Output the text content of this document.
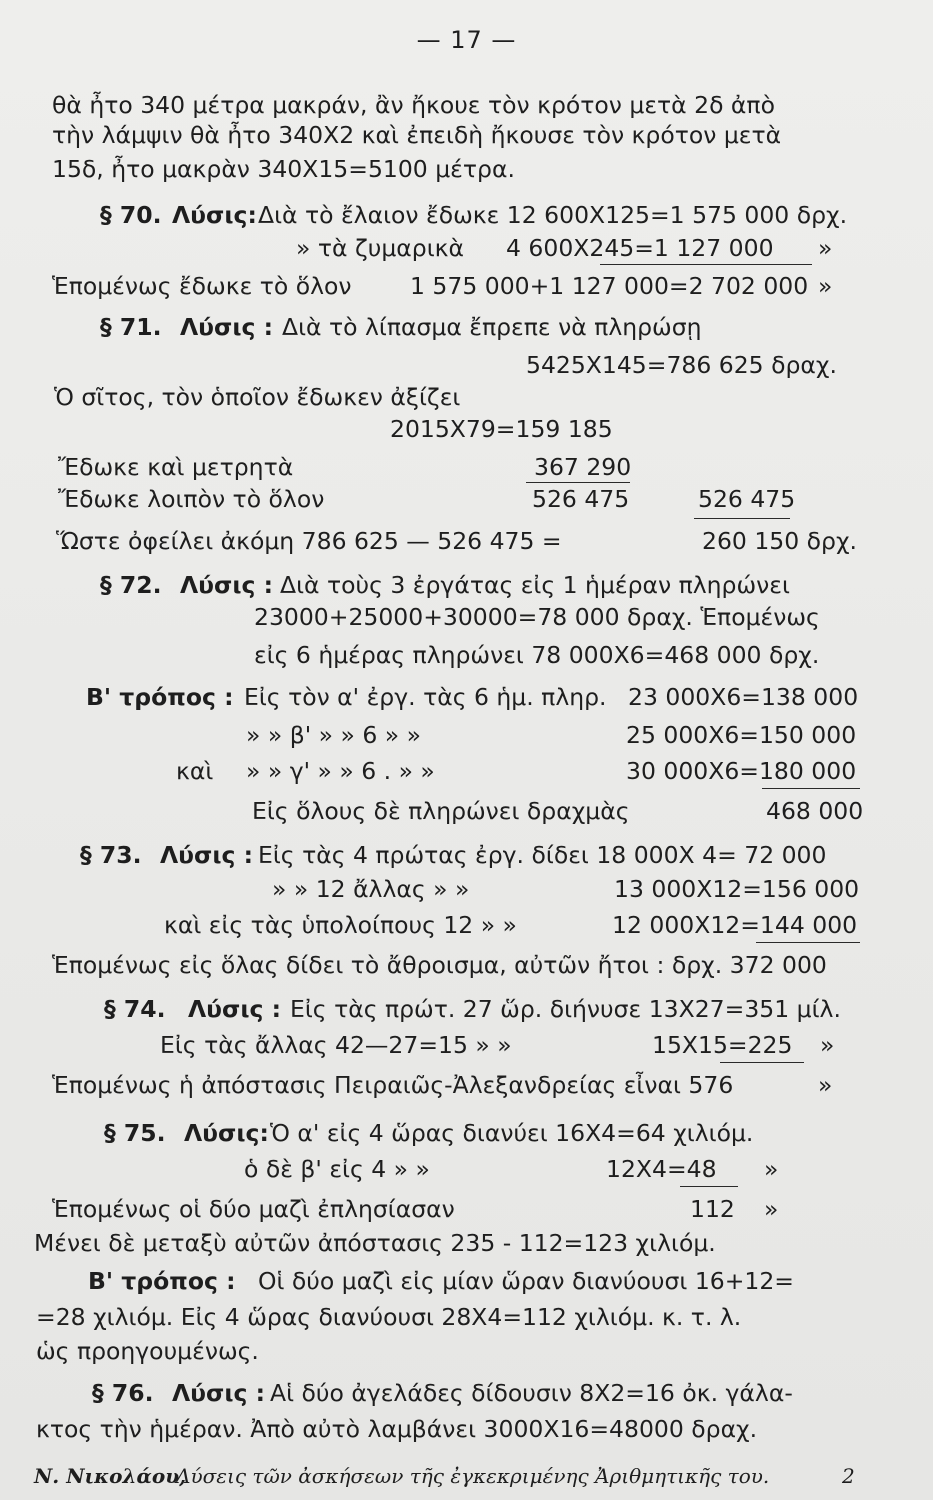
— 17 —
θὰ ἦτο 340 μέτρα μακράν, ἂν ἤκουε τὸν κρότον μετὰ 2δ ἀπὸ
τὴν λάμψιν θὰ ἦτο 340X2 καὶ ἐπειδὴ ἤκουσε τὸν κρότον μετὰ
15δ, ἦτο μακρὰν 340X15=5100 μέτρα.
§ 70. Λύσις: Διὰ τὸ ἔλαιον ἔδωκε 12 600X125=1 575 000 δρχ.
» τὰ ζυμαρικὰ 4 600X245=1 127 000 »
Ἑπομένως ἔδωκε τὸ ὅλον 1 575 000+1 127 000=2 702 000 »
§ 71. Λύσις : Διὰ τὸ λίπασμα ἔπρεπε νὰ πληρώσῃ
5425X145=786 625 δραχ.
Ὁ σῖτος, τὸν ὁποῖον ἔδωκεν ἀξίζει
2015X79=159 185
Ἔδωκε καὶ μετρητὰ	367 290
Ἔδωκε λοιπὸν τὸ ὅλον	526 475	526 475
Ὥστε ὀφείλει ἀκόμη 786 625 — 526 475 =	260 150 δρχ.
§ 72. Λύσις : Διὰ τοὺς 3 ἐργάτας εἰς 1 ἡμέραν πληρώνει
23000+25000+30000=78 000 δραχ. Ἑπομένως
εἰς 6 ἡμέρας πληρώνει 78 000X6=468 000 δρχ.
Β' τρόπος : Εἰς τὸν α' ἐργ. τὰς 6 ἡμ. πληρ. 23 000X6=138 000
» » β' » » 6 » »	25 000X6=150 000
καὶ » » γ' » » 6 . » »	30 000X6=180 000
Εἰς ὅλους δὲ πληρώνει δραχμὰς	468 000
§ 73. Λύσις : Εἰς τὰς 4 πρώτας ἐργ. δίδει 18 000X 4= 72 000
» » 12 ἄλλας » »	13 000X12=156 000
καὶ εἰς τὰς ὑπολοίπους 12 » »	12 000X12=144 000
Ἑπομένως εἰς ὅλας δίδει τὸ ἄθροισμα, αὐτῶν ἤτοι : δρχ. 372 000
§ 74. Λύσις : Εἰς τὰς πρώτ. 27 ὥρ. διήνυσε 13X27=351 μίλ.
Εἰς τὰς ἄλλας 42—27=15 » »	15X15=225 »
Ἑπομένως ἡ ἀπόστασις Πειραιῶς-Ἀλεξανδρείας εἶναι 576	»
§ 75. Λύσις: Ὁ α' εἰς 4 ὥρας διανύει 16X4=64 χιλιόμ.
ὁ δὲ β' εἰς 4 » »	12X4=48 »
Ἑπομένως οἱ δύο μαζὶ ἐπλησίασαν	112 »
Μένει δὲ μεταξὺ αὐτῶν ἀπόστασις 235 - 112=123 χιλιόμ.
Β' τρόπος : Οἱ δύο μαζὶ εἰς μίαν ὥραν διανύουσι 16+12=
=28 χιλιόμ. Εἰς 4 ὥρας διανύουσι 28X4=112 χιλιόμ. κ. τ. λ.
ὡς προηγουμένως.
§ 76. Λύσις : Αἱ δύο ἀγελάδες δίδουσιν 8X2=16 ὀκ. γάλα-
κτος τὴν ἡμέραν. Ἀπὸ αὐτὸ λαμβάνει 3000X16=48000 δραχ.
Ν. Νικολάου,
Λύσεις τῶν ἀσκήσεων τῆς ἐγκεκριμένης Ἀριθμητικῆς του.	2
